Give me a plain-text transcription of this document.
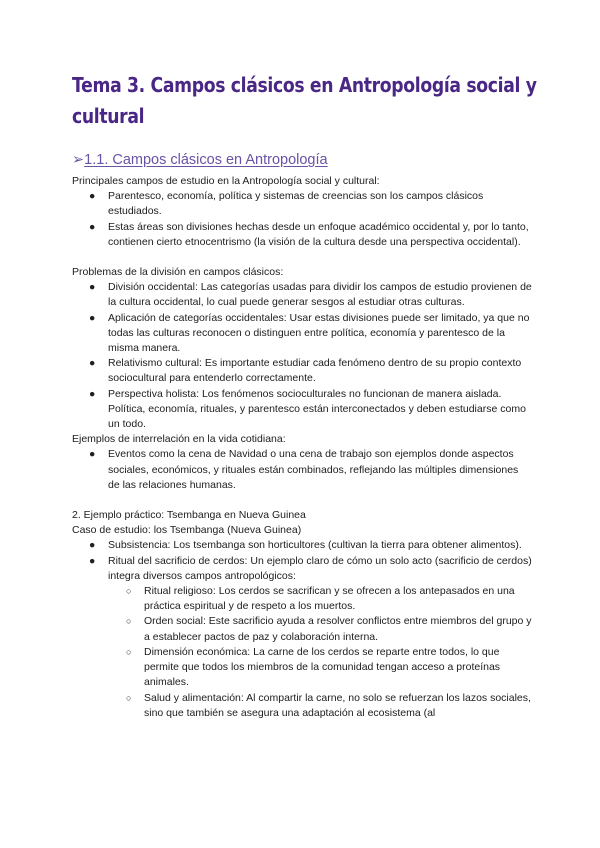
Tema 3. Campos clásicos en Antropología social y cultural
➢1.1. Campos clásicos en Antropología

Principales campos de estudio en la Antropología social y cultural:

● Parentesco, economía, política y sistemas de creencias son los campos clásicos estudiados.
● Estas áreas son divisiones hechas desde un enfoque académico occidental y, por lo tanto, contienen cierto etnocentrismo (la visión de la cultura desde una perspectiva occidental).

Problemas de la división en campos clásicos:

● División occidental: Las categorías usadas para dividir los campos de estudio provienen de la cultura occidental, lo cual puede generar sesgos al estudiar otras culturas.
● Aplicación de categorías occidentales: Usar estas divisiones puede ser limitado, ya que no todas las culturas reconocen o distinguen entre política, economía y parentesco de la misma manera.
● Relativismo cultural: Es importante estudiar cada fenómeno dentro de su propio contexto sociocultural para entenderlo correctamente.
● Perspectiva holista: Los fenómenos socioculturales no funcionan de manera aislada. Política, economía, rituales, y parentesco están interconectados y deben estudiarse como un todo.

Ejemplos de interrelación en la vida cotidiana:

● Eventos como la cena de Navidad o una cena de trabajo son ejemplos donde aspectos sociales, económicos, y rituales están combinados, reflejando las múltiples dimensiones de las relaciones humanas.

2. Ejemplo práctico: Tsembanga en Nueva Guinea

Caso de estudio: los Tsembanga (Nueva Guinea)

● Subsistencia: Los tsembanga son horticultores (cultivan la tierra para obtener alimentos).
● Ritual del sacrificio de cerdos: Un ejemplo claro de cómo un solo acto (sacrificio de cerdos) integra diversos campos antropológicos:
○ Ritual religioso: Los cerdos se sacrifican y se ofrecen a los antepasados en una práctica espiritual y de respeto a los muertos.
○ Orden social: Este sacrificio ayuda a resolver conflictos entre miembros del grupo y a establecer pactos de paz y colaboración interna.
○ Dimensión económica: La carne de los cerdos se reparte entre todos, lo que permite que todos los miembros de la comunidad tengan acceso a proteínas animales.
○ Salud y alimentación: Al compartir la carne, no solo se refuerzan los lazos sociales, sino que también se asegura una adaptación al ecosistema (al
